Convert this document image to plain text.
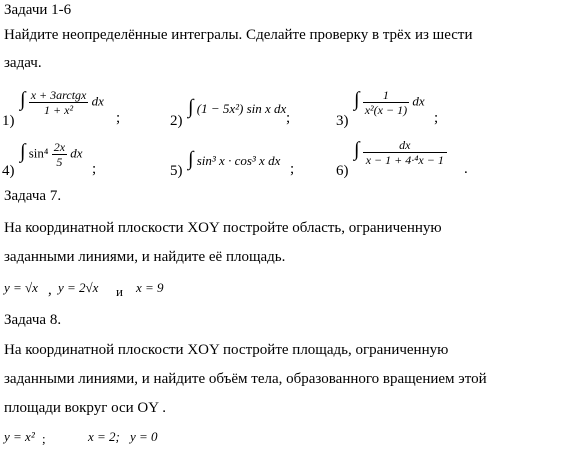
Задачи 1-6
Найдите неопределённые интегралы. Сделайте проверку в трёх из шести
задач.
1)
∫ $\frac{\text{x + 3arctgx}}{\text{1 + x²}}$ dx
;	2)
∫ (1 − 5x²) sin x dx
;	3)
∫ $\frac{1}{\text{x²(x − 1)}}$ dx
;
4)
∫ $\sin^4 \frac{2x}{5}$ dx
;	5)
∫ sin³ x · cos³ x dx
;	6)
∫ $\frac{dx}{\text{x − 1 + 4·⁴x − 1}}$
.
Задача 7.
На координатной плоскости XOY постройте область, ограниченную
заданными линиями, и найдите её площадь.
y = √x , y = 2√x и x = 9
Задача 8.
На координатной плоскости XOY постройте площадь, ограниченную
заданными линиями, и найдите объём тела, образованного вращением этой
площади вокруг оси OY .
y = x² ;	x = 2; y = 0
